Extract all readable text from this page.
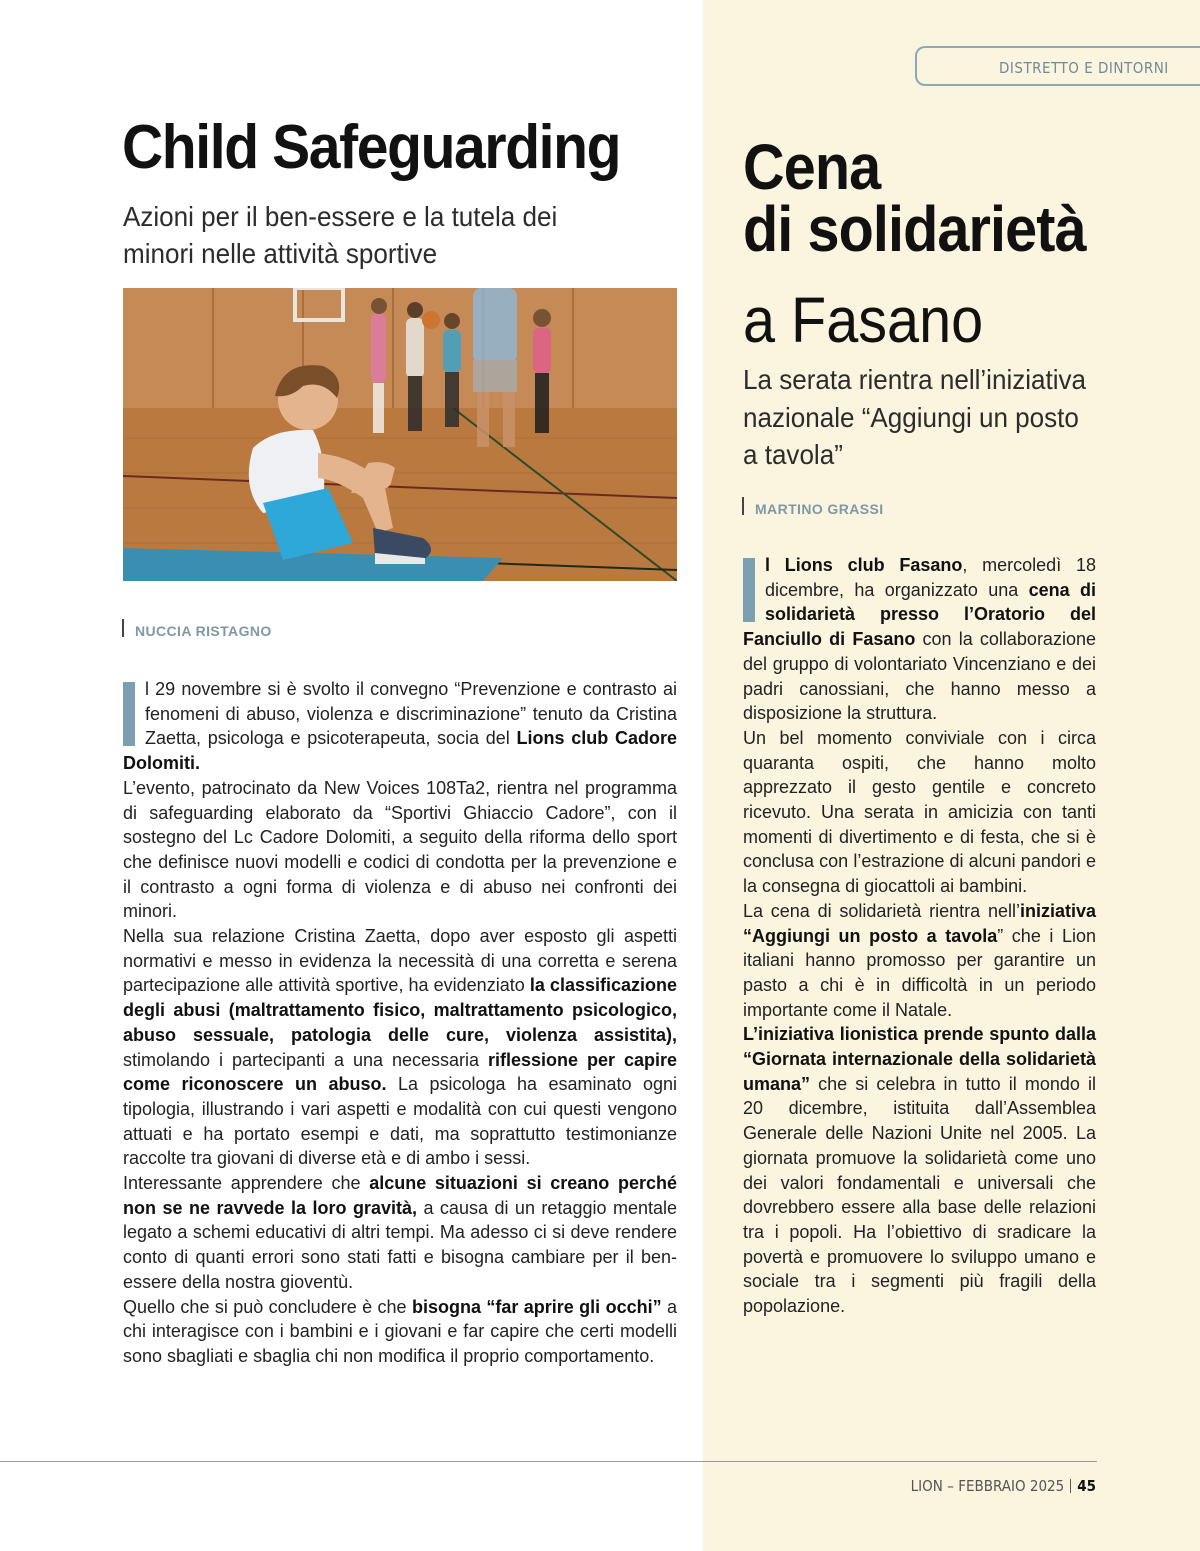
DISTRETTO E DINTORNI
Child Safeguarding
Azioni per il ben-essere e la tutela dei minori nelle attività sportive
NUCCIA RISTAGNO

l 29 novembre si è svolto il convegno “Prevenzione e contrasto ai fenomeni di abuso, violenza e discriminazione” tenuto da Cristina Zaetta, psicologa e psicoterapeuta, socia del Lions club Cadore Dolomiti.

L’evento, patrocinato da New Voices 108Ta2, rientra nel programma di safeguarding elaborato da “Sportivi Ghiaccio Cadore”, con il sostegno del Lc Cadore Dolomiti, a seguito della riforma dello sport che definisce nuovi modelli e codici di condotta per la prevenzione e il contrasto a ogni forma di violenza e di abuso nei confronti dei minori.

Nella sua relazione Cristina Zaetta, dopo aver esposto gli aspetti normativi e messo in evidenza la necessità di una corretta e serena partecipazione alle attività sportive, ha evidenziato la classificazione degli abusi (maltrattamento fisico, maltrattamento psicologico, abuso sessuale, patologia delle cure, violenza assistita), stimolando i partecipanti a una necessaria riflessione per capire come riconoscere un abuso. La psicologa ha esaminato ogni tipologia, illustrando i vari aspetti e modalità con cui questi vengono attuati e ha portato esempi e dati, ma soprattutto testimonianze raccolte tra giovani di diverse età e di ambo i sessi.

Interessante apprendere che alcune situazioni si creano perché non se ne ravvede la loro gravità, a causa di un retaggio mentale legato a schemi educativi di altri tempi. Ma adesso ci si deve rendere conto di quanti errori sono stati fatti e bisogna cambiare per il ben-essere della nostra gioventù.

Quello che si può concludere è che bisogna “far aprire gli occhi” a chi interagisce con i bambini e i giovani e far capire che certi modelli sono sbagliati e sbaglia chi non modifica il proprio comportamento.

Cena
di solidarietà
a Fasano
La serata rientra nell’iniziativa nazionale “Aggiungi un posto a tavola”
MARTINO GRASSI

l Lions club Fasano, mercoledì 18 dicembre, ha organizzato una cena di solidarietà presso l’Oratorio del Fanciullo di Fasano con la collaborazione del gruppo di volontariato Vincenziano e dei padri canossiani, che hanno messo a disposizione la struttura.

Un bel momento conviviale con i circa quaranta ospiti, che hanno molto apprezzato il gesto gentile e concreto ricevuto. Una serata in amicizia con tanti momenti di divertimento e di festa, che si è conclusa con l’estrazione di alcuni pandori e la consegna di giocattoli ai bambini.

La cena di solidarietà rientra nell’iniziativa “Aggiungi un posto a tavola” che i Lion italiani hanno promosso per garantire un pasto a chi è in difficoltà in un periodo importante come il Natale.

L’iniziativa lionistica prende spunto dalla “Giornata internazionale della solidarietà umana” che si celebra in tutto il mondo il 20 dicembre, istituita dall’Assemblea Generale delle Nazioni Unite nel 2005. La giornata promuove la solidarietà come uno dei valori fondamentali e universali che dovrebbero essere alla base delle relazioni tra i popoli. Ha l’obiettivo di sradicare la povertà e promuovere lo sviluppo umano e sociale tra i segmenti più fragili della popolazione.

LION – FEBBRAIO 2025 45
